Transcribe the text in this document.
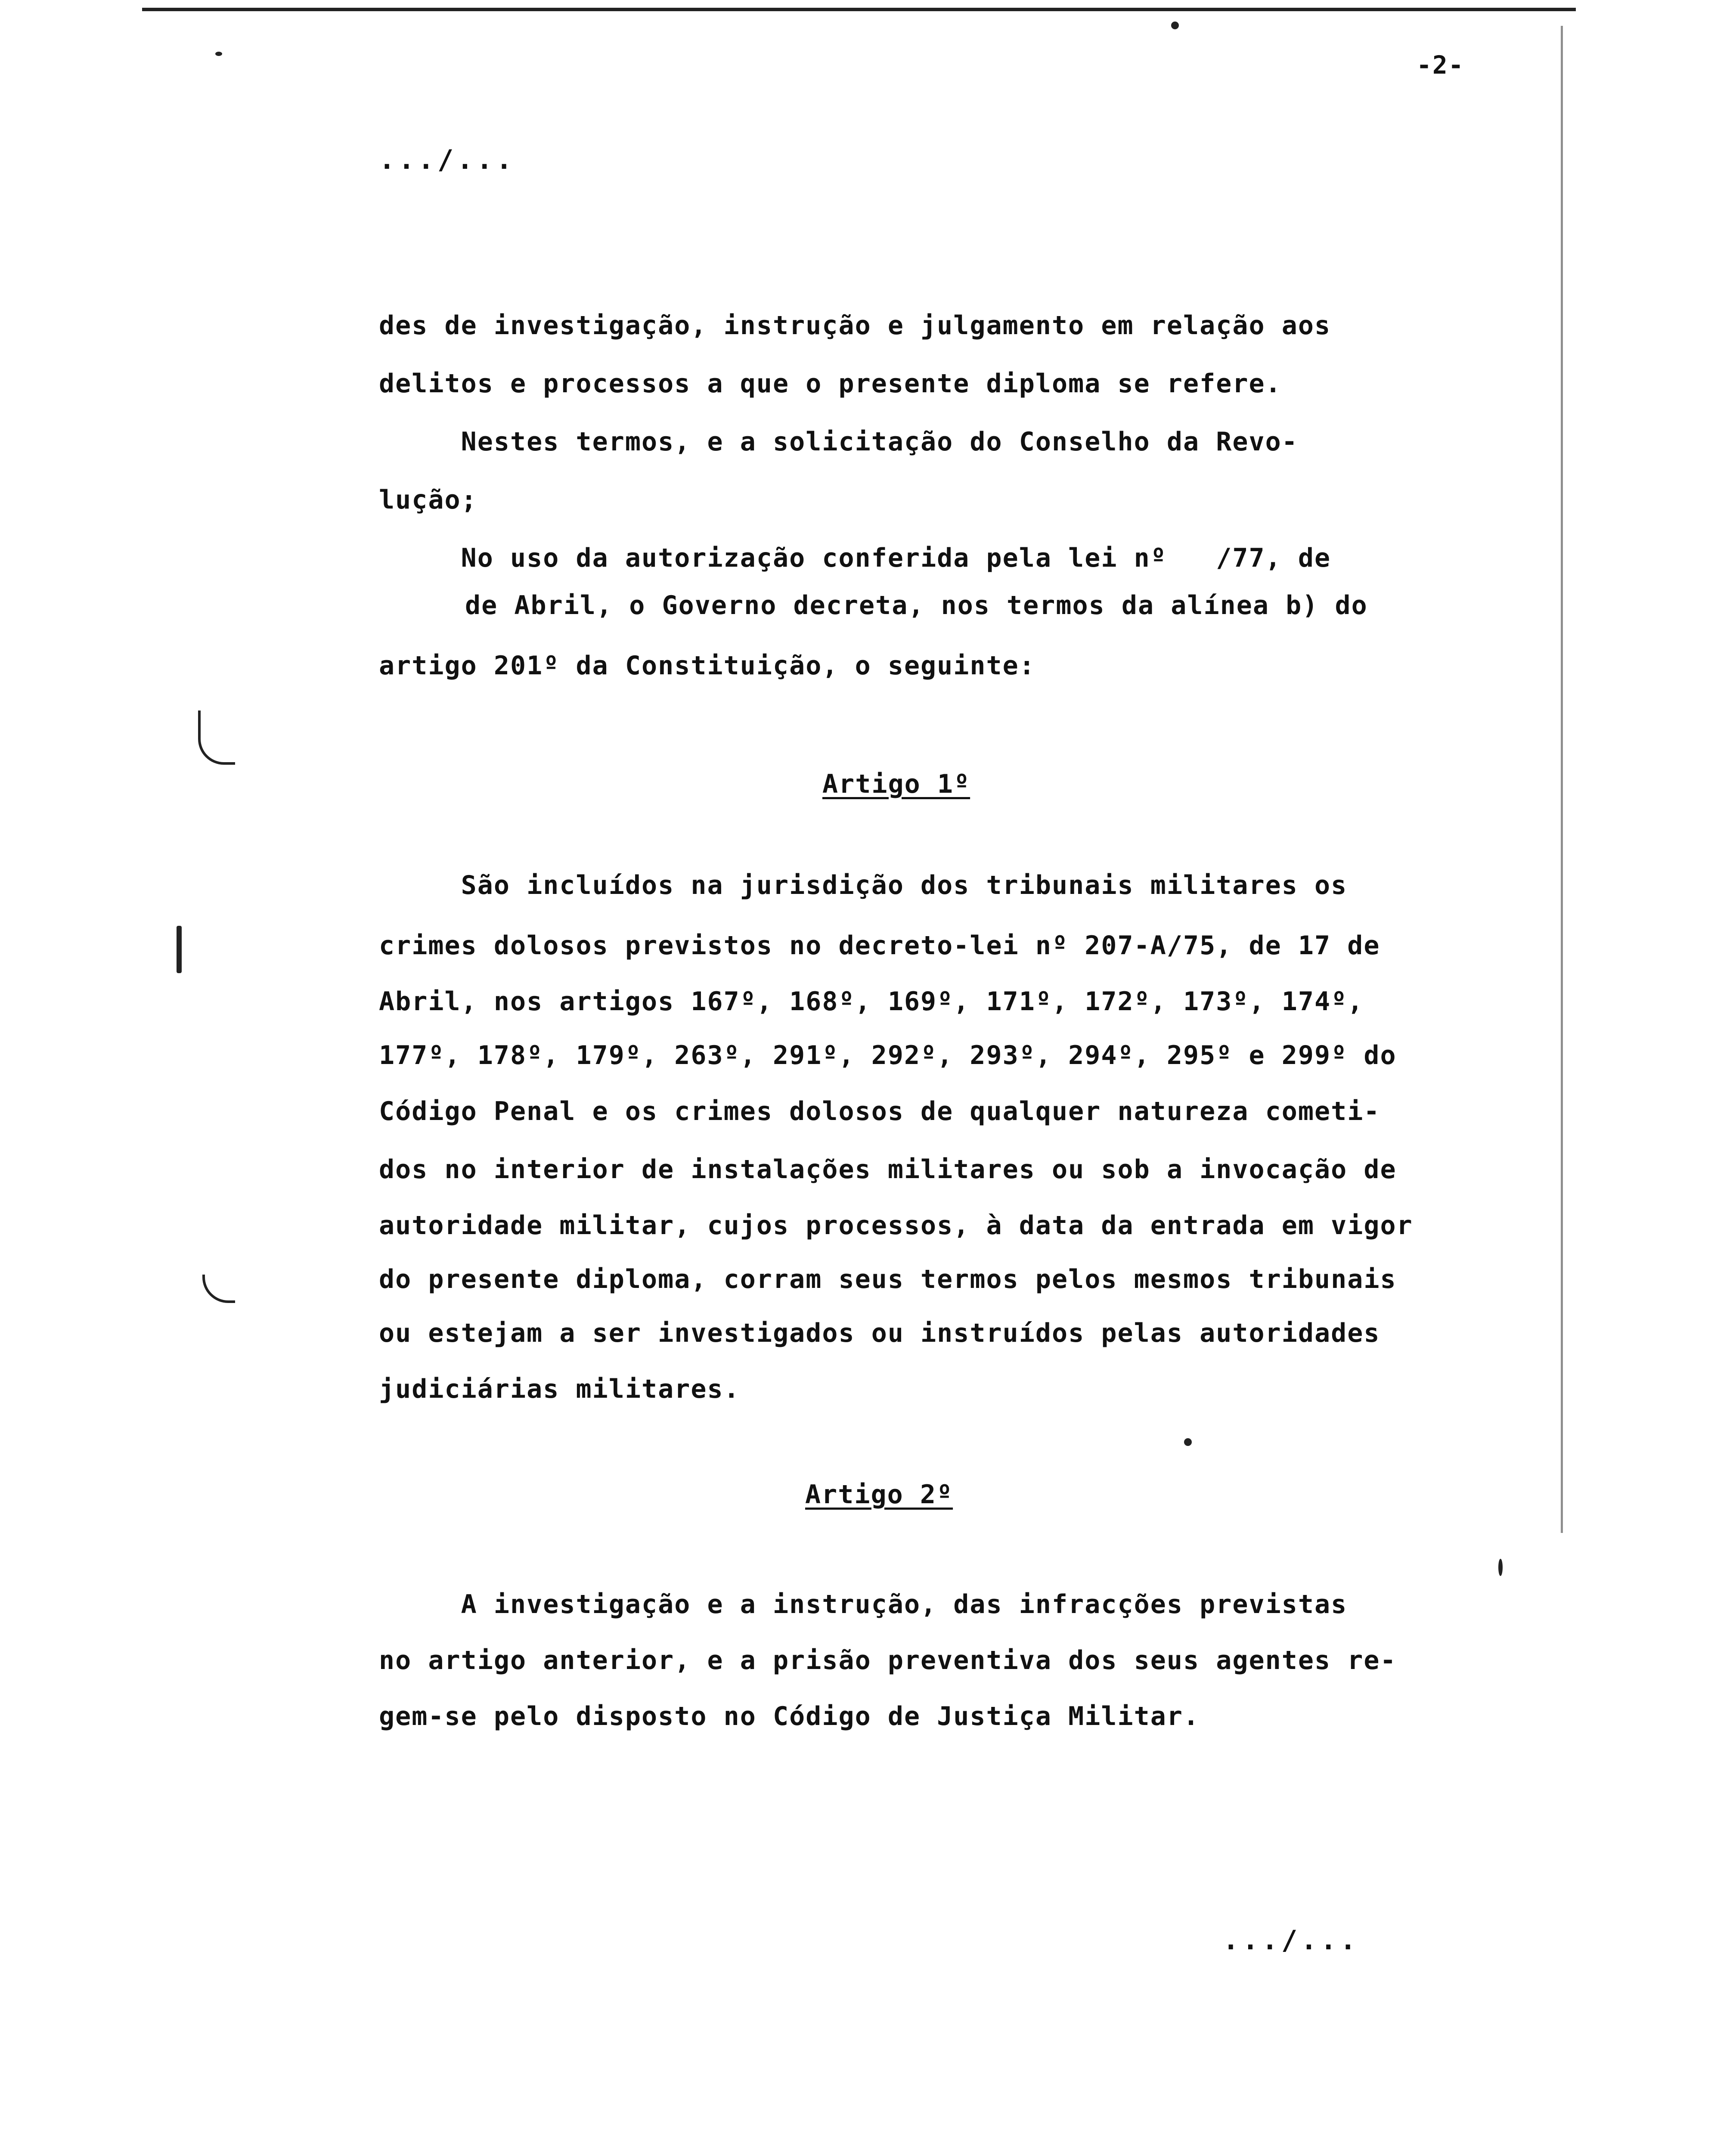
-2-
.../...
des de investigação, instrução e julgamento em relação aos
delitos e processos a que o presente diploma se refere.
Nestes termos, e a solicitação do Conselho da Revo-
lução;
No uso da autorização conferida pela lei nº   /77, de
de Abril, o Governo decreta, nos termos da alínea b) do
artigo 201º da Constituição, o seguinte:
Artigo 1º
São incluídos na jurisdição dos tribunais militares os
crimes dolosos previstos no decreto-lei nº 207-A/75, de 17 de
Abril, nos artigos 167º, 168º, 169º, 171º, 172º, 173º, 174º,
177º, 178º, 179º, 263º, 291º, 292º, 293º, 294º, 295º e 299º do
Código Penal e os crimes dolosos de qualquer natureza cometi-
dos no interior de instalações militares ou sob a invocação de
autoridade militar, cujos processos, à data da entrada em vigor
do presente diploma, corram seus termos pelos mesmos tribunais
ou estejam a ser investigados ou instruídos pelas autoridades
judiciárias militares.
Artigo 2º
A investigação e a instrução, das infracções previstas
no artigo anterior, e a prisão preventiva dos seus agentes re-
gem-se pelo disposto no Código de Justiça Militar.
.../...
